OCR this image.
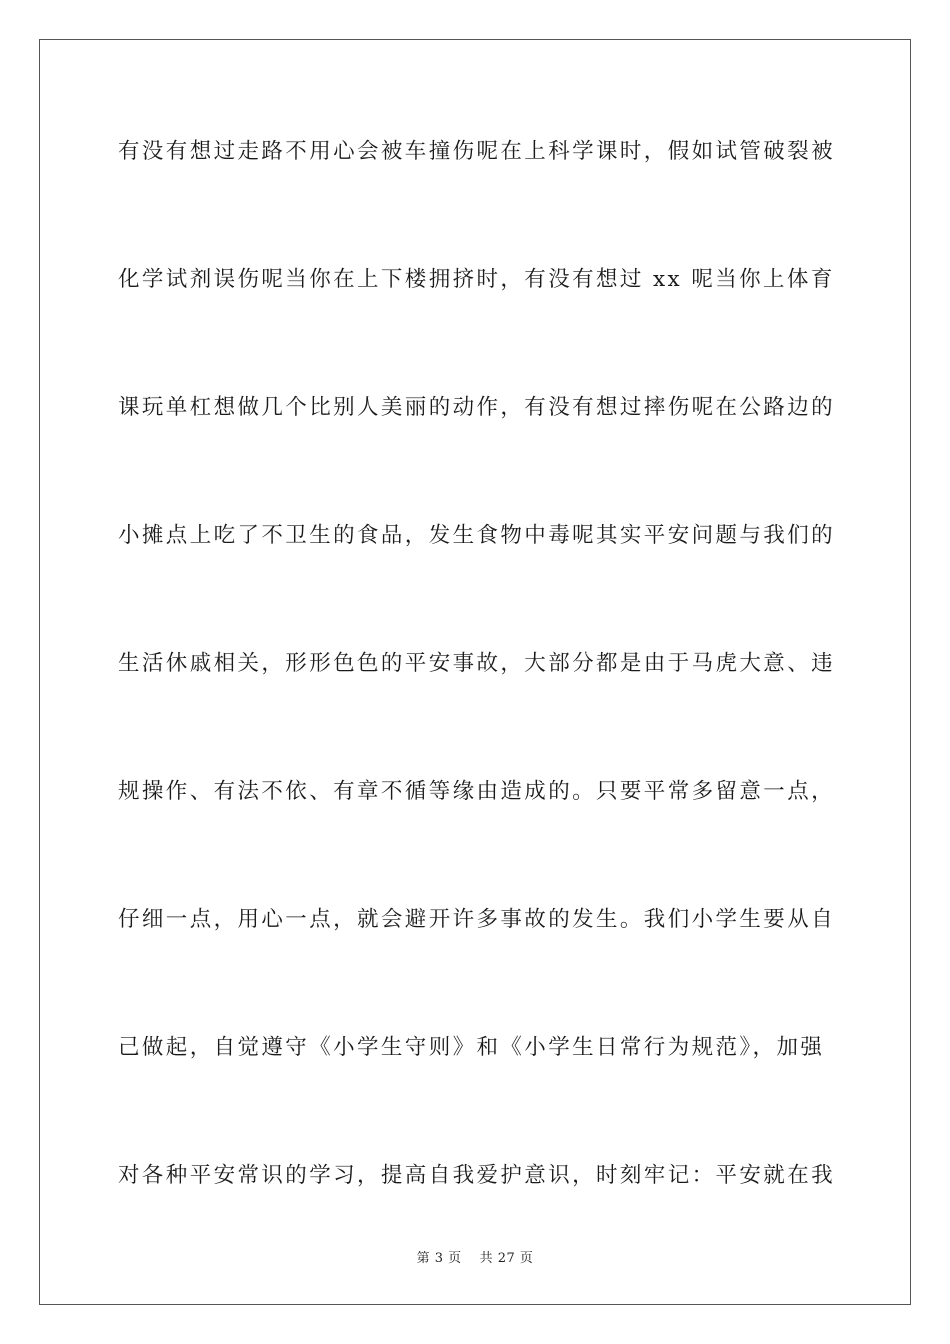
有没有想过走路不用心会被车撞伤呢在上科学课时，假如试管破裂被
化学试剂误伤呢当你在上下楼拥挤时，有没有想过 xx 呢当你上体育
课玩单杠想做几个比别人美丽的动作，有没有想过摔伤呢在公路边的
小摊点上吃了不卫生的食品，发生食物中毒呢其实平安问题与我们的
生活休戚相关，形形色色的平安事故，大部分都是由于马虎大意、违
规操作、有法不依、有章不循等缘由造成的。只要平常多留意一点，
仔细一点，用心一点，就会避开许多事故的发生。我们小学生要从自
己做起，自觉遵守《小学生守则》和《小学生日常行为规范》，加强
对各种平安常识的学习，提高自我爱护意识，时刻牢记：平安就在我
第 3 页 共 27 页
